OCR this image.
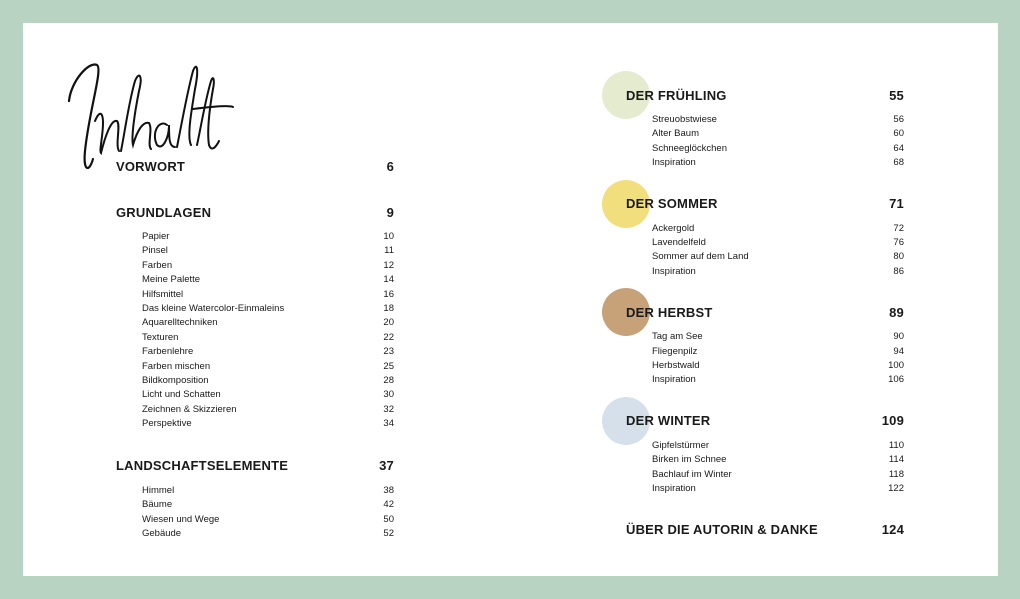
VORWORT	6
GRUNDLAGEN	9
Papier	10
Pinsel	11
Farben	12
Meine Palette	14
Hilfsmittel	16
Das kleine Watercolor-Einmaleins	18
Aquarelltechniken	20
Texturen	22
Farbenlehre	23
Farben mischen	25
Bildkomposition	28
Licht und Schatten	30
Zeichnen & Skizzieren	32
Perspektive	34
LANDSCHAFTSELEMENTE	37
Himmel	38
Bäume	42
Wiesen und Wege	50
Gebäude	52
DER FRÜHLING	55
Streuobstwiese	56
Alter Baum	60
Schneeglöckchen	64
Inspiration	68
DER SOMMER	71
Ackergold	72
Lavendelfeld	76
Sommer auf dem Land	80
Inspiration	86
DER HERBST	89
Tag am See	90
Fliegenpilz	94
Herbstwald	100
Inspiration	106
DER WINTER	109
Gipfelstürmer	110
Birken im Schnee	114
Bachlauf im Winter	118
Inspiration	122
ÜBER DIE AUTORIN & DANKE	124
